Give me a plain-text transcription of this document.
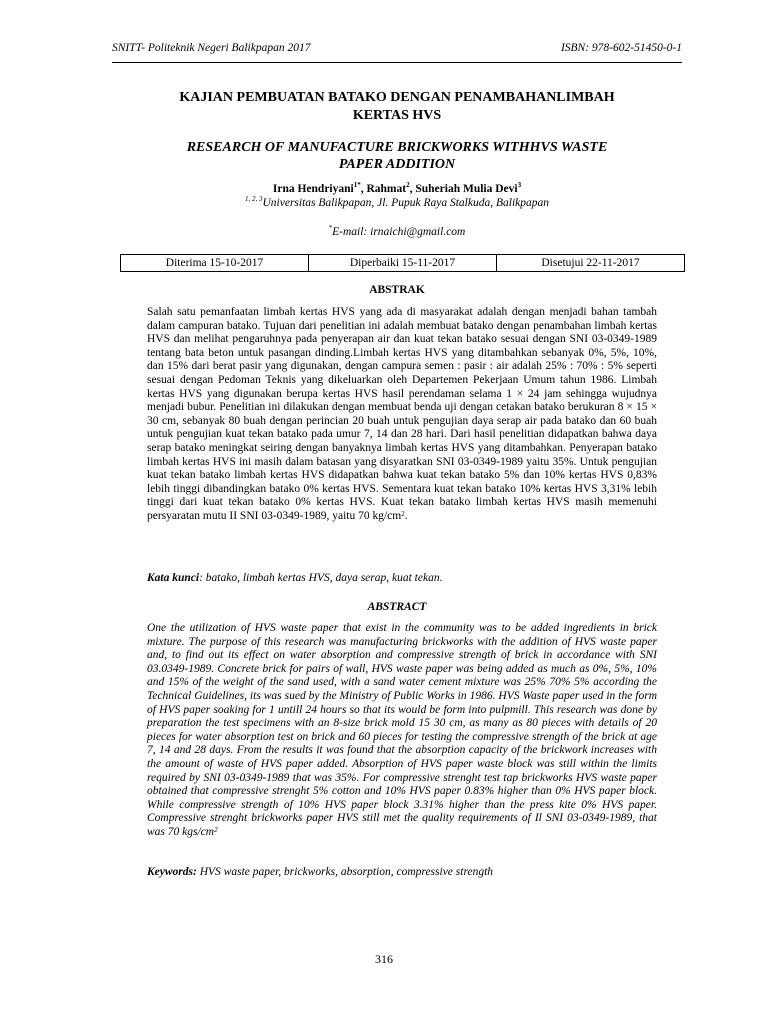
SNITT- Politeknik Negeri Balikpapan 2017	ISBN: 978-602-51450-0-1
KAJIAN PEMBUATAN BATAKO DENGAN PENAMBAHANLIMBAH
KERTAS HVS
RESEARCH OF MANUFACTURE BRICKWORKS WITHHVS WASTE
PAPER ADDITION
Irna Hendriyani$^{1*}$, Rahmat$^2$, Suheriah Mulia Devi$^3$
$^{1, 2, 3}$Universitas Balikpapan, Jl. Pupuk Raya Stalkuda, Balikpapan
*E-mail: irnaichi@gmail.com
Diterima 15-10-2017	Diperbaiki 15-11-2017	Disetujui 22-11-2017
ABSTRAK
Salah satu pemanfaatan limbah kertas HVS yang ada di masyarakat adalah dengan menjadi bahan tambah dalam campuran batako. Tujuan dari penelitian ini adalah membuat batako dengan penambahan limbah kertas HVS dan melihat pengaruhnya pada penyerapan air dan kuat tekan batako sesuai dengan SNI 03-0349-1989 tentang bata beton untuk pasangan dinding.Limbah kertas HVS yang ditambahkan sebanyak 0%, 5%, 10%, dan 15% dari berat pasir yang digunakan, dengan campura semen : pasir : air adalah 25% : 70% : 5% seperti sesuai dengan Pedoman Teknis yang dikeluarkan oleh Departemen Pekerjaan Umum tahun 1986. Limbah kertas HVS yang digunakan berupa kertas HVS hasil perendaman selama 1 × 24 jam sehingga wujudnya menjadi bubur. Penelitian ini dilakukan dengan membuat benda uji dengan cetakan batako berukuran 8 × 15 × 30 cm, sebanyak 80 buah dengan perincian 20 buah untuk pengujian daya serap air pada batako dan 60 buah untuk pengujian kuat tekan batako pada umur 7, 14 dan 28 hari. Dari hasil penelitian didapatkan bahwa daya serap batako meningkat seiring dengan banyaknya limbah kertas HVS yang ditambahkan. Penyerapan batako limbah kertas HVS ini masih dalam batasan yang disyaratkan SNI 03-0349-1989 yaitu 35%. Untuk pengujian kuat tekan batako limbah kertas HVS didapatkan bahwa kuat tekan batako 5% dan 10% kertas HVS 0,83% lebih tinggi dibandingkan batako 0% kertas HVS. Sementara kuat tekan batako 10% kertas HVS 3,31% lebih tinggi dari kuat tekan batako 0% kertas HVS. Kuat tekan batako limbah kertas HVS masih memenuhi persyaratan mutu II SNI 03-0349-1989, yaitu 70 $kg/cm^2$.
Kata kunci: batako, limbah kertas HVS, daya serap, kuat tekan.
ABSTRACT
One the utilization of HVS waste paper that exist in the community was to be added ingredients in brick mixture. The purpose of this research was manufacturing brickworks with the addition of HVS waste paper and, to find out its effect on water absorption and compressive strength of brick in accordance with SNI 03.0349-1989. Concrete brick for pairs of wall, HVS waste paper was being added as much as 0%, 5%, 10% and 15% of the weight of the sand used, with a sand water cement mixture was 25% 70% 5% according the Technical Guidelines, its was sued by the Ministry of Public Works in 1986. HVS Waste paper used in the form of HVS paper soaking for 1 untill 24 hours so that its would be form into pulpmill. This research was done by preparation the test specimens with an 8-size brick mold 15 30 cm, as many as 80 pieces with details of 20 pieces for water absorption test on brick and 60 pieces for testing the compressive strength of the brick at age 7, 14 and 28 days. From the results it was found that the absorption capacity of the brickwork increases with the amount of waste of HVS paper added. Absorption of HVS paper waste block was still within the limits required by SNI 03-0349-1989 that was 35%. For compressive strenght test tap brickworks HVS waste paper obtained that compressive strenght 5% cotton and 10% HVS paper 0.83% higher than 0% HVS paper block. While compressive strength of 10% HVS paper block 3.31% higher than the press kite 0% HVS paper. Compressive strenght brickworks paper HVS still met the quality requirements of Il SNI 03-0349-1989, that was 70 kgs/$cm^2$
Keywords: HVS waste paper, brickworks, absorption, compressive strength
316
